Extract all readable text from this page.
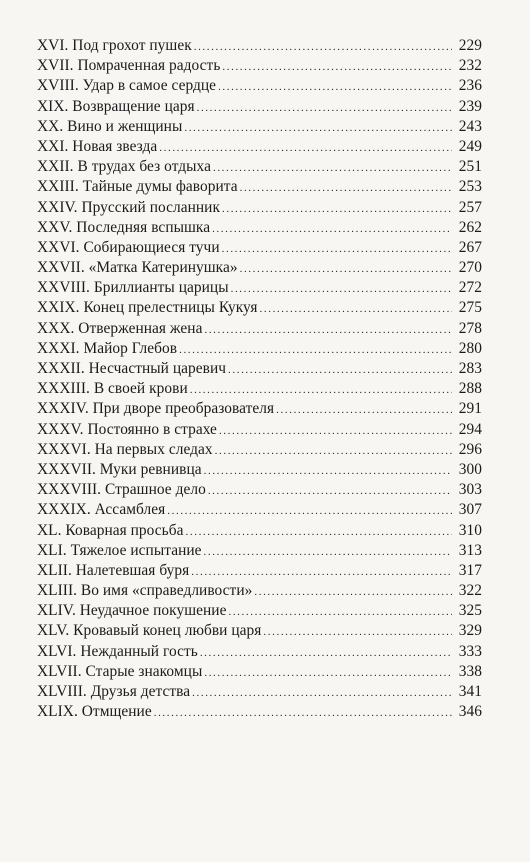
XVI. Под грохот пушек .....	229
XVII. Помраченная радость .....	232
XVIII. Удар в самое сердце .....	236
XIX. Возвращение царя .....	239
XX. Вино и женщины .....	243
XXI. Новая звезда .....	249
XXII. В трудах без отдыха .....	251
XXIII. Тайные думы фаворита .....	253
XXIV. Прусский посланник .....	257
XXV. Последняя вспышка .....	262
XXVI. Собирающиеся тучи .....	267
XXVII. «Матка Катеринушка» .....	270
XXVIII. Бриллианты царицы .....	272
XXIX. Конец прелестницы Кукуя .....	275
XXX. Отверженная жена .....	278
XXXI. Майор Глебов .....	280
XXXII. Несчастный царевич .....	283
XXXIII. В своей крови .....	288
XXXIV. При дворе преобразователя .....	291
XXXV. Постоянно в страхе .....	294
XXXVI. На первых следах .....	296
XXXVII. Муки ревнивца .....	300
XXXVIII. Страшное дело .....	303
XXXIX. Ассамблея .....	307
XL. Коварная просьба .....	310
XLI. Тяжелое испытание .....	313
XLII. Налетевшая буря .....	317
XLIII. Во имя «справедливости» .....	322
XLIV. Неудачное покушение .....	325
XLV. Кровавый конец любви царя .....	329
XLVI. Нежданный гость .....	333
XLVII. Старые знакомцы .....	338
XLVIII. Друзья детства .....	341
XLIX. Отмщение .....	346
